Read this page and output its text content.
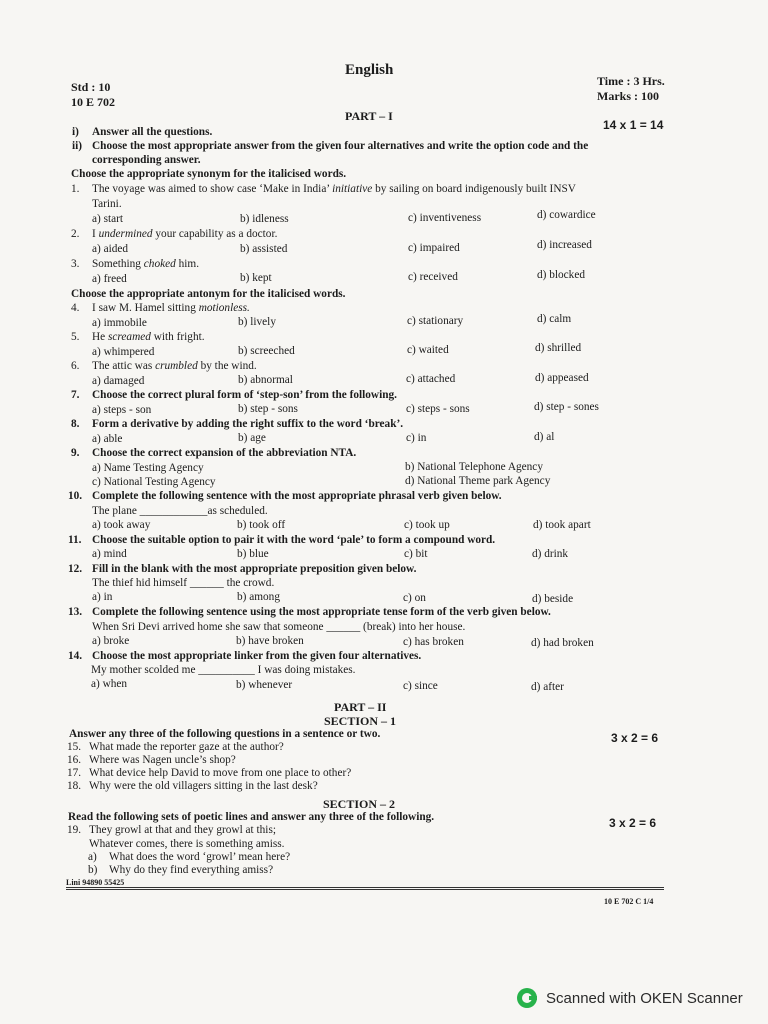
English
Std : 10
10 E 702
Time : 3 Hrs.
Marks : 100
PART – I
14 x 1 = 14
i) Answer all the questions.
ii) Choose the most appropriate answer from the given four alternatives and write the option code and the
corresponding answer.
Choose the appropriate synonym for the italicised words.
1. The voyage was aimed to show case ‘Make in India’ initiative by sailing on board indigenously built INSV
Tarini.
a) start	b) idleness	c) inventiveness	d) cowardice
2. I undermined your capability as a doctor.
a) aided	b) assisted	c) impaired	d) increased
3. Something choked him.
a) freed	b) kept	c) received	d) blocked
Choose the appropriate antonym for the italicised words.
4. I saw M. Hamel sitting motionless.
a) immobile	b) lively	c) stationary	d) calm
5. He screamed with fright.
a) whimpered	b) screeched	c) waited	d) shrilled
6. The attic was crumbled by the wind.
a) damaged	b) abnormal	c) attached	d) appeased
7. Choose the correct plural form of ‘step-son’ from the following.
a) steps - son	b) step - sons	c) steps - sons	d) step - sones
8. Form a derivative by adding the right suffix to the word ‘break’.
a) able	b) age	c) in	d) al
9. Choose the correct expansion of the abbreviation NTA.
a) Name Testing Agency	b) National Telephone Agency
c) National Testing Agency	d) National Theme park Agency
10. Complete the following sentence with the most appropriate phrasal verb given below.
The plane ____________as scheduled.
a) took away	b) took off	c) took up	d) took apart
11. Choose the suitable option to pair it with the word ‘pale’ to form a compound word.
a) mind	b) blue	c) bit	d) drink
12. Fill in the blank with the most appropriate preposition given below.
The thief hid himself ______ the crowd.
a) in	b) among	c) on	d) beside
13. Complete the following sentence using the most appropriate tense form of the verb given below.
When Sri Devi arrived home she saw that someone ______ (break) into her house.
a) broke	b) have broken	c) has broken	d) had broken
14. Choose the most appropriate linker from the given four alternatives.
My mother scolded me __________ I was doing mistakes.
a) when	b) whenever	c) since	d) after
PART – II
SECTION – 1
Answer any three of the following questions in a sentence or two.	3 x 2 = 6
15. What made the reporter gaze at the author?
16. Where was Nagen uncle’s shop?
17. What device help David to move from one place to other?
18. Why were the old villagers sitting in the last desk?
SECTION – 2
Read the following sets of poetic lines and answer any three of the following.	3 x 2 = 6
19. They growl at that and they growl at this;
Whatever comes, there is something amiss.
a) What does the word ‘growl’ mean here?
b) Why do they find everything amiss?
Lini 94890 55425
10 E 702 C 1/4
Scanned with OKEN Scanner
